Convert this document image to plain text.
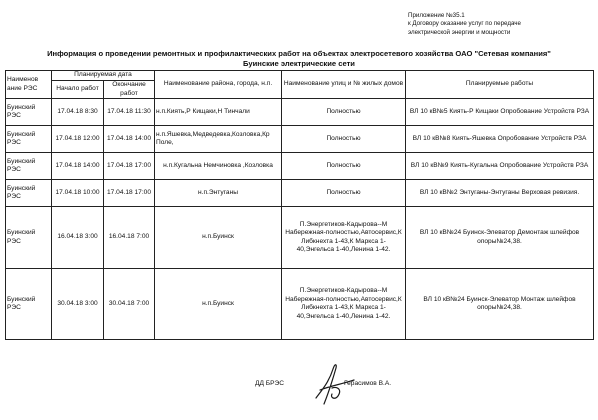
Приложение №35.1
к Договору оказание услуг по передаче
электрической энергии и мощности
Информация о проведении ремонтных и профилактических работ на объектах электросетевого хозяйства ОАО "Сетевая компания"
Буинские электрические сети
Наименов ание РЭС	Планируемая дата		Наименование района, города, н.п.	Наименование улиц и № жилых домов	Планируемые работы
	Начало работ	Окончание работ			
Буинский РЭС	17.04.18 8:30	17.04.18 11:30	н.п.Киять,Р Кищаки,Н Тинчали	Полностью	ВЛ 10 кВ№5 Киять-Р Кищаки Опробование Устройств РЗА
Буинский РЭС	17.04.18 12:00	17.04.18 14:00	н.п.Яшевка,Медведевка,Козловка,Кр Поле,	Полностью	ВЛ 10 кВ№8 Киять-Яшевка Опробование Устройств РЗА
Буинский РЭС	17.04.18 14:00	17.04.18 17:00	н.п.Кугальна Немчиновка ,Козловка	Полностью	ВЛ 10 кВ№9 Киять-Кугальна Опробование Устройств РЗА
Буинский РЭС	17.04.18 10:00	17.04.18 17:00	н.п.Энтуганы	Полностью	ВЛ 10 кВ№2 Энтуганы-Энтуганы Верховая ревизия.
Буинский РЭС	16.04.18 3:00	16.04.18 7:00	н.п.Буинск	П.Энергетиков-Кадырова--М Набережная-полностью,Автосервис,К Либкнехта 1-43,К Маркса 1-40,Энгельса 1-40,Ленина 1-42.	ВЛ 10 кВ№24 Буинск-Элеватор Демонтаж шлейфов опоры№24,38.
Буинский РЭС	30.04.18 3:00	30.04.18 7:00	н.п.Буинск	П.Энергетиков-Кадырова--М Набережная-полностью,Автосервис,К Либкнехта 1-43,К Маркса 1-40,Энгельса 1-40,Ленина 1-42.	ВЛ 10 кВ№24 Буинск-Элеватор Монтаж шлейфов опоры№24,38.
ДД БРЭС	Герасимов В.А.
